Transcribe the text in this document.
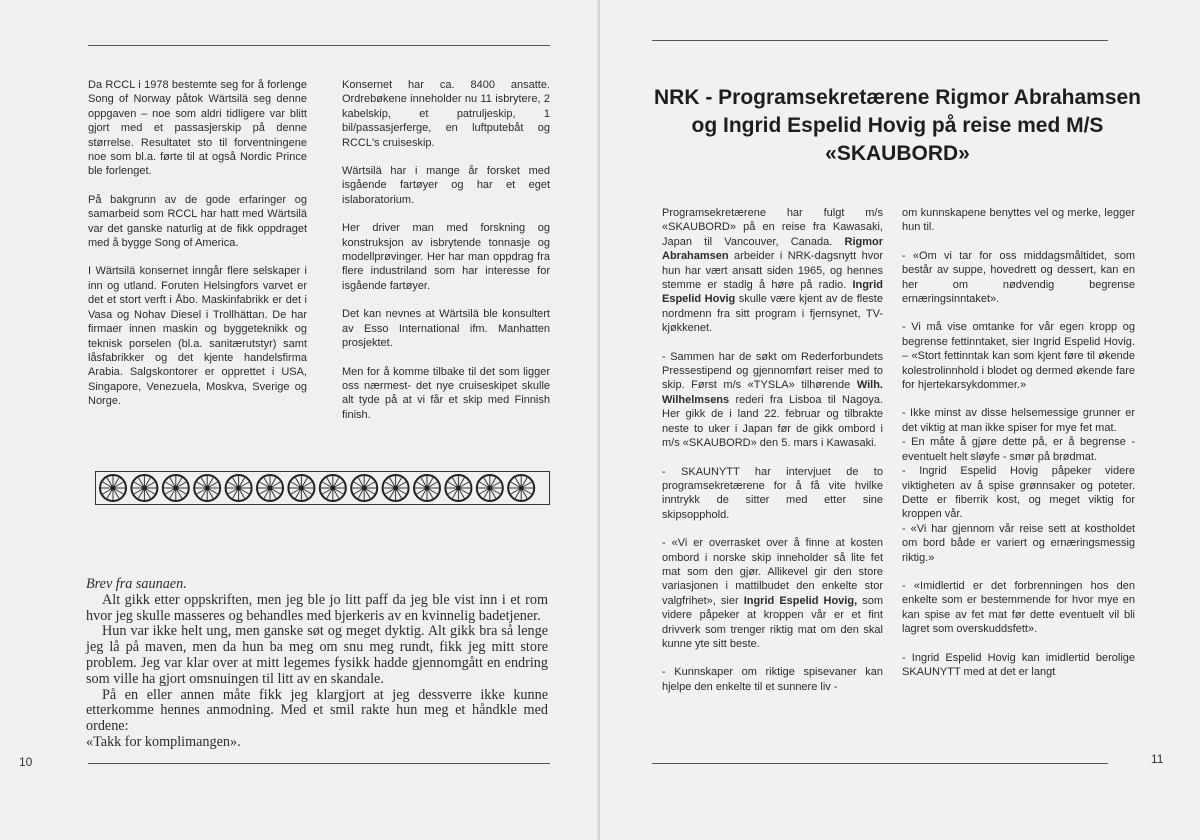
Da RCCL i 1978 bestemte seg for å forlenge Song of Norway påtok Wärtsilä seg denne oppgaven – noe som aldri tidligere var blitt gjort med et passasjerskip på denne størrelse. Resultatet sto til forventningene noe som bl.a. førte til at også Nordic Prince ble forlenget.

På bakgrunn av de gode erfaringer og samarbeid som RCCL har hatt med Wärtsilä var det ganske naturlig at de fikk oppdraget med å bygge Song of America.

I Wärtsilä konsernet inngår flere selskaper i inn og utland. Foruten Helsingfors varvet er det et stort verft i Åbo. Maskinfabrikk er det i Vasa og Nohav Diesel i Trollhättan. De har firmaer innen maskin og byggeteknikk og teknisk porselen (bl.a. sanitærutstyr) samt låsfabrikker og det kjente handelsfirma Arabia. Salgskontorer er opprettet i USA, Singapore, Venezuela, Moskva, Sverige og Norge.

Konsernet har ca. 8400 ansatte. Ordrebøkene inneholder nu 11 isbrytere, 2 kabelskip, et patruljeskip, 1 bil/passasjerferge, en luftputebåt og RCCL's cruiseskip.

Wärtsilä har i mange år forsket med isgående fartøyer og har et eget islaboratorium.

Her driver man med forskning og konstruksjon av isbrytende tonnasje og modellprøvinger. Her har man oppdrag fra flere industriland som har interesse for isgående fartøyer.

Det kan nevnes at Wärtsilä ble konsultert av Esso International ifm. Manhatten prosjektet.

Men for å komme tilbake til det som ligger oss nærmest- det nye cruiseskipet skulle alt tyde på at vi får et skip med Finnish finish.

Brev fra saunaen.

Alt gikk etter oppskriften, men jeg ble jo litt paff da jeg ble vist inn i et rom hvor jeg skulle masseres og behandles med bjerkeris av en kvinnelig badetjener.

Hun var ikke helt ung, men ganske søt og meget dyktig. Alt gikk bra så lenge jeg lå på maven, men da hun ba meg om snu meg rundt, fikk jeg mitt store problem. Jeg var klar over at mitt legemes fysikk hadde gjennomgått en endring som ville ha gjort omsnuingen til litt av en skandale.

På en eller annen måte fikk jeg klargjort at jeg dessverre ikke kunne etterkomme hennes anmodning. Med et smil rakte hun meg et håndkle med ordene:

«Takk for komplimangen».

10	11
NRK - Programsekretærene Rigmor Abrahamsen og Ingrid Espelid Hovig på reise med M/S «SKAUBORD»

Programsekretærene har fulgt m/s «SKAUBORD» på en reise fra Kawasaki, Japan til Vancouver, Canada. Rigmor Abrahamsen arbeider i NRK-dagsnytt hvor hun har vært ansatt siden 1965, og hennes stemme er stadig å høre på radio. Ingrid Espelid Hovig skulle være kjent av de fleste nordmenn fra sitt program i fjernsynet, TV-kjøkkenet.

- Sammen har de søkt om Rederforbundets Pressestipend og gjennomført reiser med to skip. Først m/s «TYSLA» tilhørende Wilh. Wilhelmsens rederi fra Lisboa til Nagoya. Her gikk de i land 22. februar og tilbrakte neste to uker i Japan før de gikk ombord i m/s «SKAUBORD» den 5. mars i Kawasaki.

- SKAUNYTT har intervjuet de to programsekretærene for å få vite hvilke inntrykk de sitter med etter sine skipsopphold.

- «Vi er overrasket over å finne at kosten ombord i norske skip inneholder så lite fet mat som den gjør. Allikevel gir den store variasjonen i mattilbudet den enkelte stor valgfrihet», sier Ingrid Espelid Hovig, som videre påpeker at kroppen vår er et fint drivverk som trenger riktig mat om den skal kunne yte sitt beste.

- Kunnskaper om riktige spisevaner kan hjelpe den enkelte til et sunnere liv -

om kunnskapene benyttes vel og merke, legger hun til.

- «Om vi tar for oss middagsmåltidet, som består av suppe, hovedrett og dessert, kan en her om nødvendig begrense ernæringsinntaket».

- Vi må vise omtanke for vår egen kropp og begrense fettinntaket, sier Ingrid Espelid Hovig. – «Stort fettinntak kan som kjent føre til økende kolestrolinnhold i blodet og dermed økende fare for hjertekarsykdommer.»

- Ikke minst av disse helsemessige grunner er det viktig at man ikke spiser for mye fet mat.

- En måte å gjøre dette på, er å begrense - eventuelt helt sløyfe - smør på brødmat.

- Ingrid Espelid Hovig påpeker videre viktigheten av å spise grønnsaker og poteter. Dette er fiberrik kost, og meget viktig for kroppen vår.

- «Vi har gjennom vår reise sett at kostholdet om bord både er variert og ernæringsmessig riktig.»

- «Imidlertid er det forbrenningen hos den enkelte som er bestemmende for hvor mye en kan spise av fet mat før dette eventuelt vil bli lagret som overskuddsfett».

- Ingrid Espelid Hovig kan imidlertid berolige SKAUNYTT med at det er langt
